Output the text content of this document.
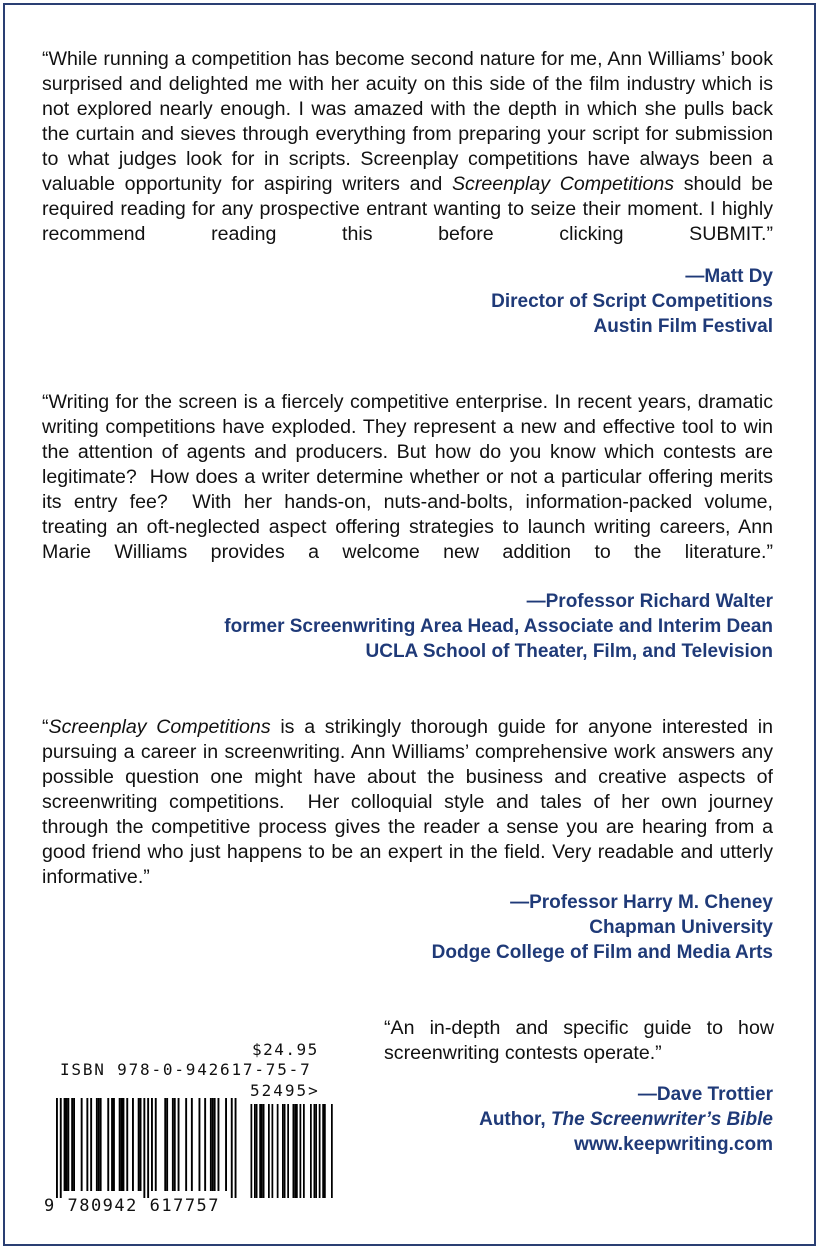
“While running a competition has become second nature for me, Ann Williams’ book surprised and delighted me with her acuity on this side of the film industry which is not explored nearly enough. I was amazed with the depth in which she pulls back the curtain and sieves through everything from preparing your script for submission to what judges look for in scripts. Screenplay competitions have always been a valuable opportunity for aspiring writers and Screenplay Competitions should be required reading for any prospective entrant wanting to seize their moment. I highly recommend reading this before clicking SUBMIT.”

—Matt Dy
Director of Script Competitions
Austin Film Festival

“Writing for the screen is a fiercely competitive enterprise. In recent years, dramatic writing competitions have exploded. They represent a new and effective tool to win the attention of agents and producers. But how do you know which contests are legitimate?  How does a writer determine whether or not a particular offering merits its entry fee?  With her hands-on, nuts-and-bolts, information-packed volume, treating an oft-neglected aspect offering strategies to launch writing careers, Ann Marie Williams provides a welcome new addition to the literature.”

—Professor Richard Walter
former Screenwriting Area Head, Associate and Interim Dean
UCLA School of Theater, Film, and Television

“Screenplay Competitions is a strikingly thorough guide for anyone interested in pursuing a career in screenwriting. Ann Williams’ comprehensive work answers any possible question one might have about the business and creative aspects of screenwriting competitions.  Her colloquial style and tales of her own journey through the competitive process gives the reader a sense you are hearing from a good friend who just happens to be an expert in the field. Very readable and utterly informative.”

—Professor Harry M. Cheney
Chapman University
Dodge College of Film and Media Arts

“An in-depth and specific guide to how screenwriting contests operate.”

—Dave Trottier
Author, The Screenwriter’s Bible
www.keepwriting.com
$24.95
ISBN 978-0-942617-75-7
52495>
9 780942 617757
